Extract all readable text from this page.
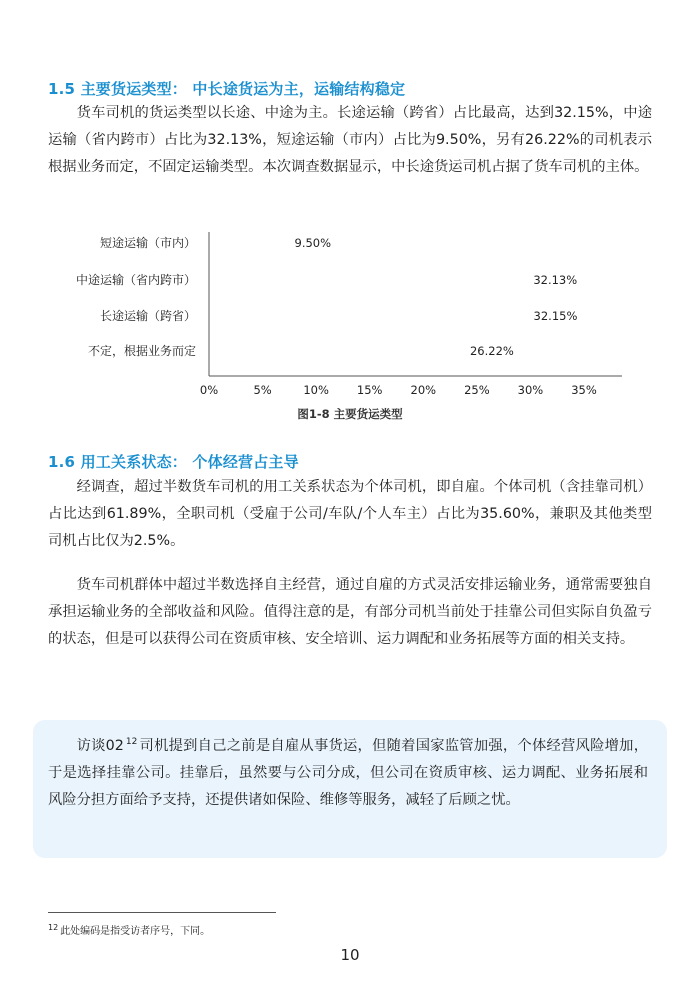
1.5 主要货运类型： 中长途货运为主，运输结构稳定

货车司机的货运类型以长途、中途为主。长途运输（跨省）占比最高，达到32.15%，中途运输（省内跨市）占比为32.13%，短途运输（市内）占比为9.50%，另有26.22%的司机表示根据业务而定，不固定运输类型。本次调查数据显示，中长途货运司机占据了货车司机的主体。

短途运输（市内）	9.50%
中途运输（省内跨市）	32.13%
长途运输（跨省）	32.15%
不定，根据业务而定	26.22%
0%	5%	10% 15% 20% 25% 30% 35%
图1-8 主要货运类型
1.6 用工关系状态： 个体经营占主导

经调查，超过半数货车司机的用工关系状态为个体司机，即自雇。个体司机（含挂靠司机）占比达到61.89%，全职司机（受雇于公司/车队/个人车主）占比为35.60%，兼职及其他类型司机占比仅为2.5%。

货车司机群体中超过半数选择自主经营，通过自雇的方式灵活安排运输业务，通常需要独自承担运输业务的全部收益和风险。值得注意的是，有部分司机当前处于挂靠公司但实际自负盈亏的状态，但是可以获得公司在资质审核、安全培训、运力调配和业务拓展等方面的相关支持。

访谈02 $^{12}$ 司机提到自己之前是自雇从事货运，但随着国家监管加强，个体经营风险增加，于是选择挂靠公司。挂靠后，虽然要与公司分成，但公司在资质审核、运力调配、业务拓展和风险分担方面给予支持，还提供诸如保险、维修等服务，减轻了后顾之忧。

$^{12}$ 此处编码是指受访者序号，下同。
10
